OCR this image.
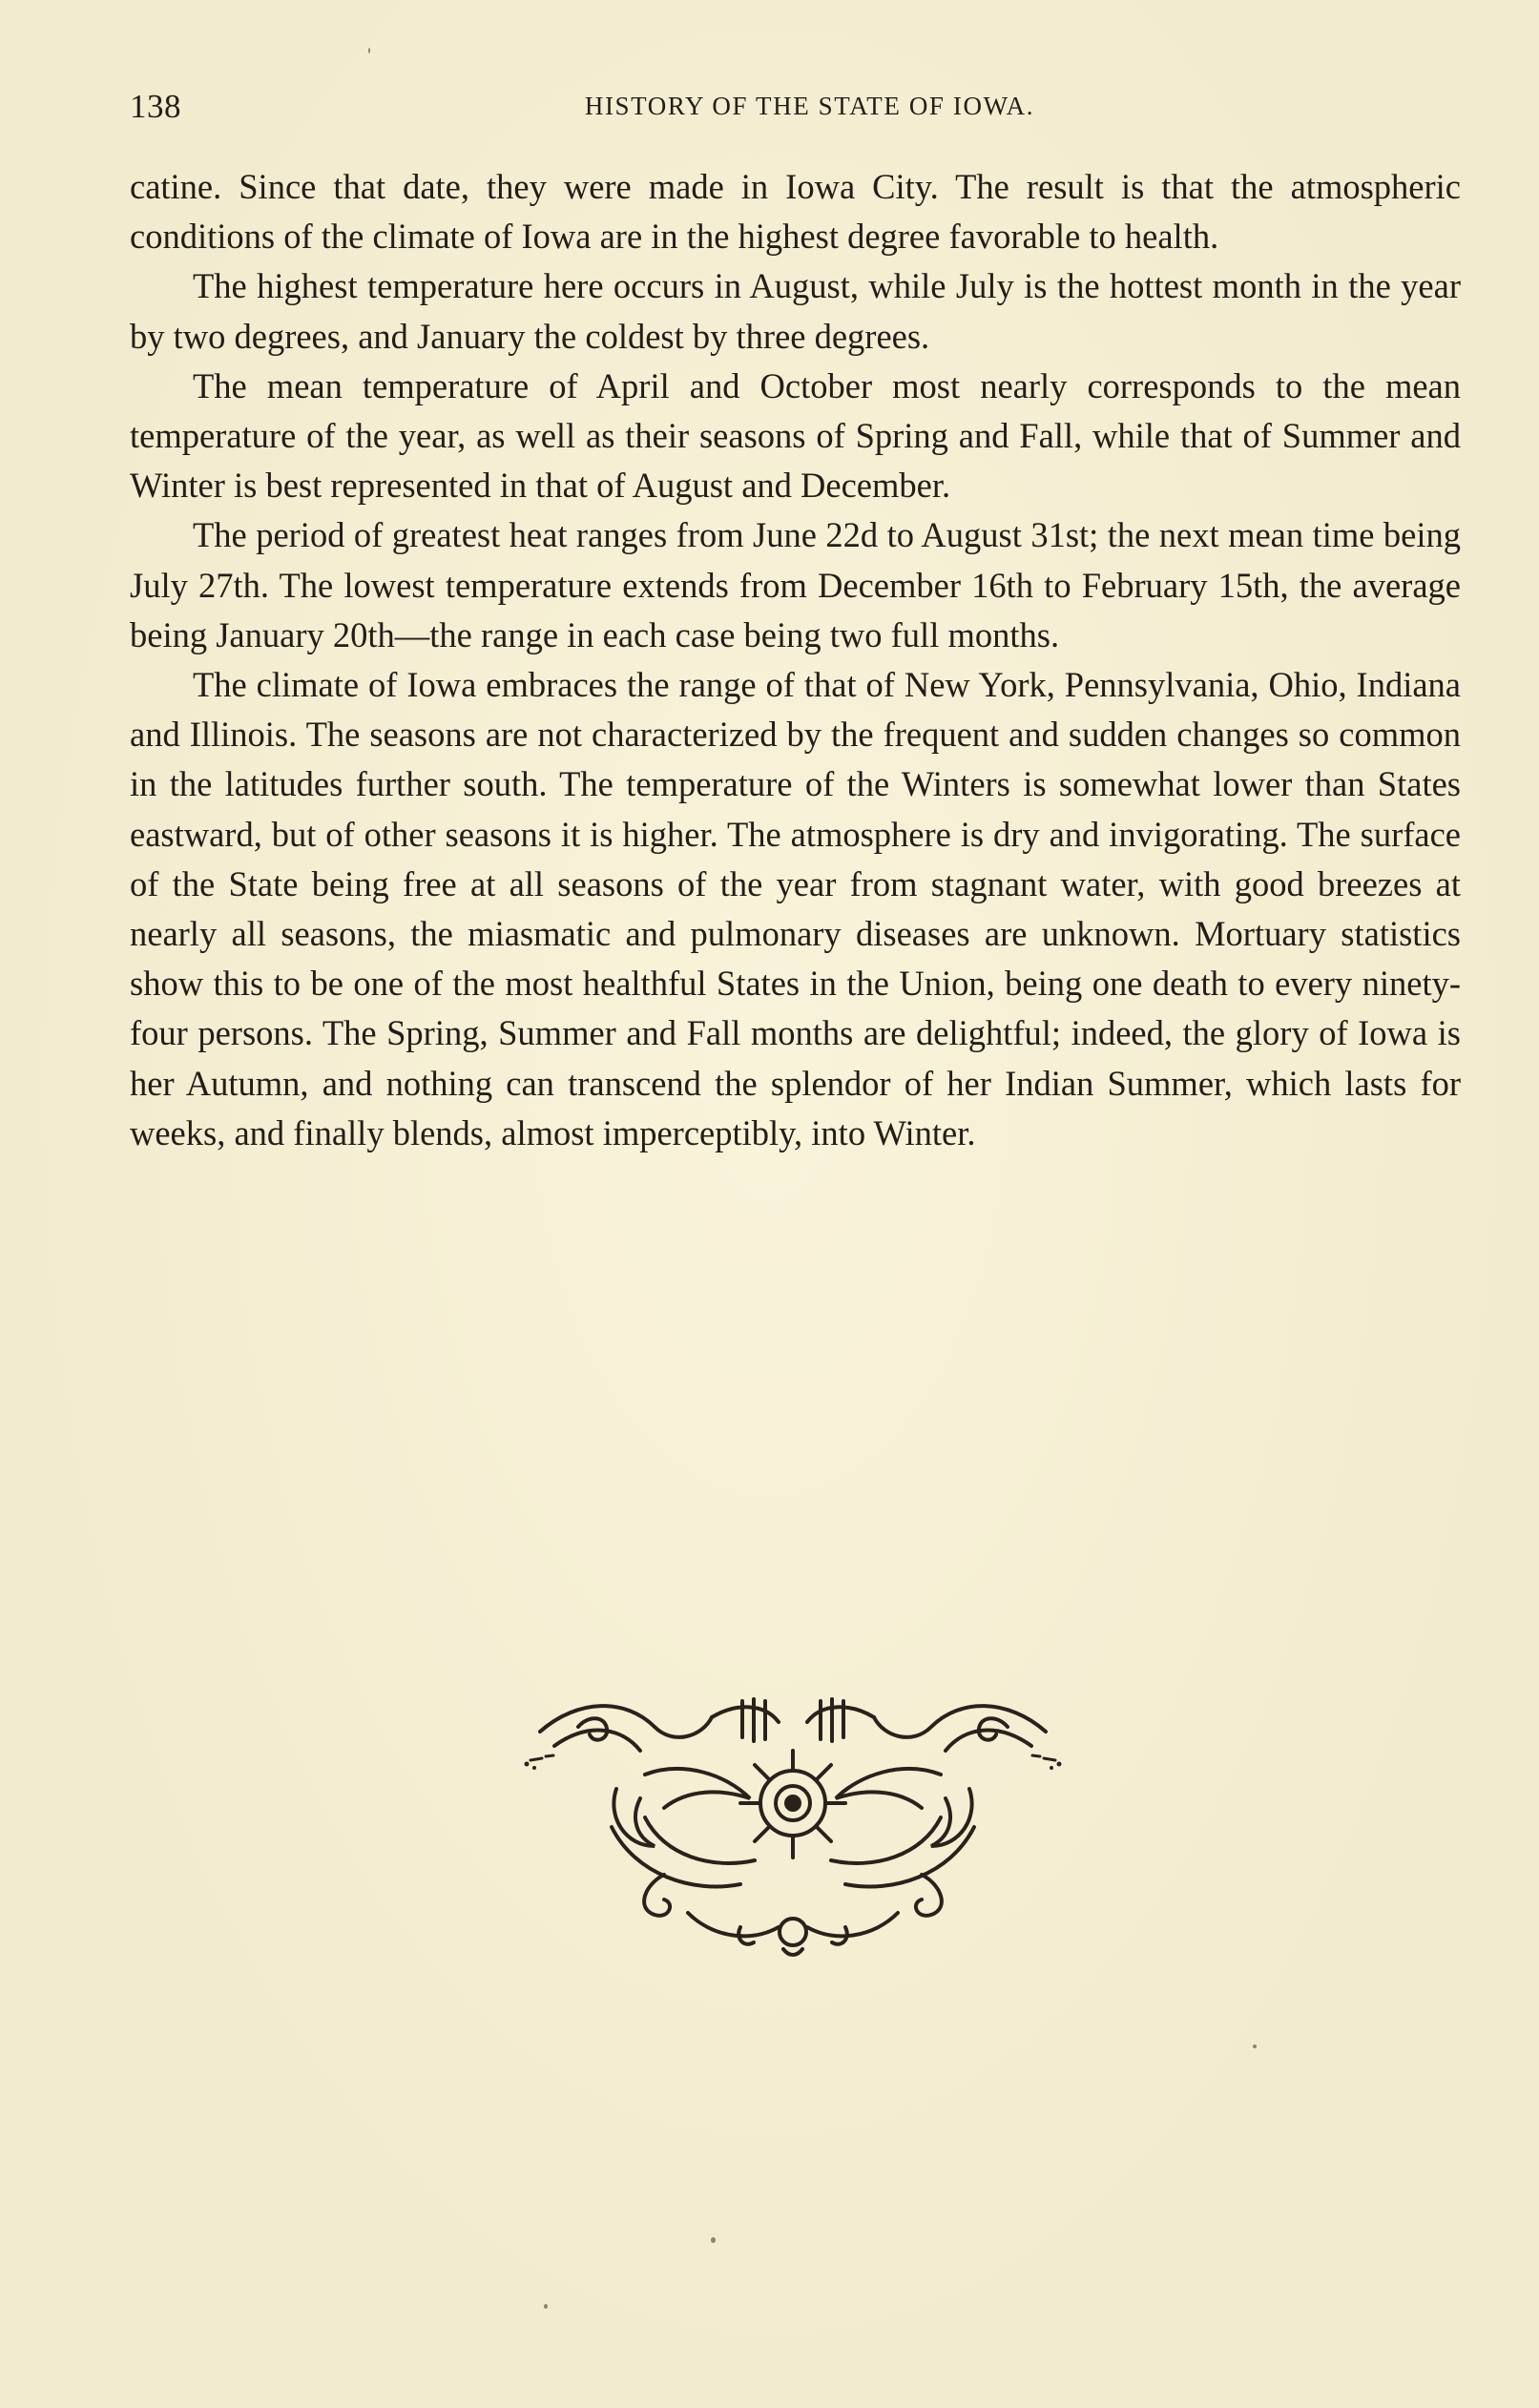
138	HISTORY OF THE STATE OF IOWA.

catine. Since that date, they were made in Iowa City. The result is that the atmospheric conditions of the climate of Iowa are in the highest degree favorable to health.

The highest temperature here occurs in August, while July is the hottest month in the year by two degrees, and January the coldest by three degrees.

The mean temperature of April and October most nearly corresponds to the mean temperature of the year, as well as their seasons of Spring and Fall, while that of Summer and Winter is best represented in that of August and December.

The period of greatest heat ranges from June 22d to August 31st; the next mean time being July 27th. The lowest temperature extends from December 16th to February 15th, the average being January 20th—the range in each case being two full months.

The climate of Iowa embraces the range of that of New York, Pennsylvania, Ohio, Indiana and Illinois. The seasons are not characterized by the frequent and sudden changes so common in the latitudes further south. The temperature of the Winters is somewhat lower than States eastward, but of other seasons it is higher. The atmosphere is dry and invigorating. The surface of the State being free at all seasons of the year from stagnant water, with good breezes at nearly all seasons, the miasmatic and pulmonary diseases are unknown. Mortuary statistics show this to be one of the most healthful States in the Union, being one death to every ninety-four persons. The Spring, Summer and Fall months are delightful; indeed, the glory of Iowa is her Autumn, and nothing can transcend the splendor of her Indian Summer, which lasts for weeks, and finally blends, almost imperceptibly, into Winter.
